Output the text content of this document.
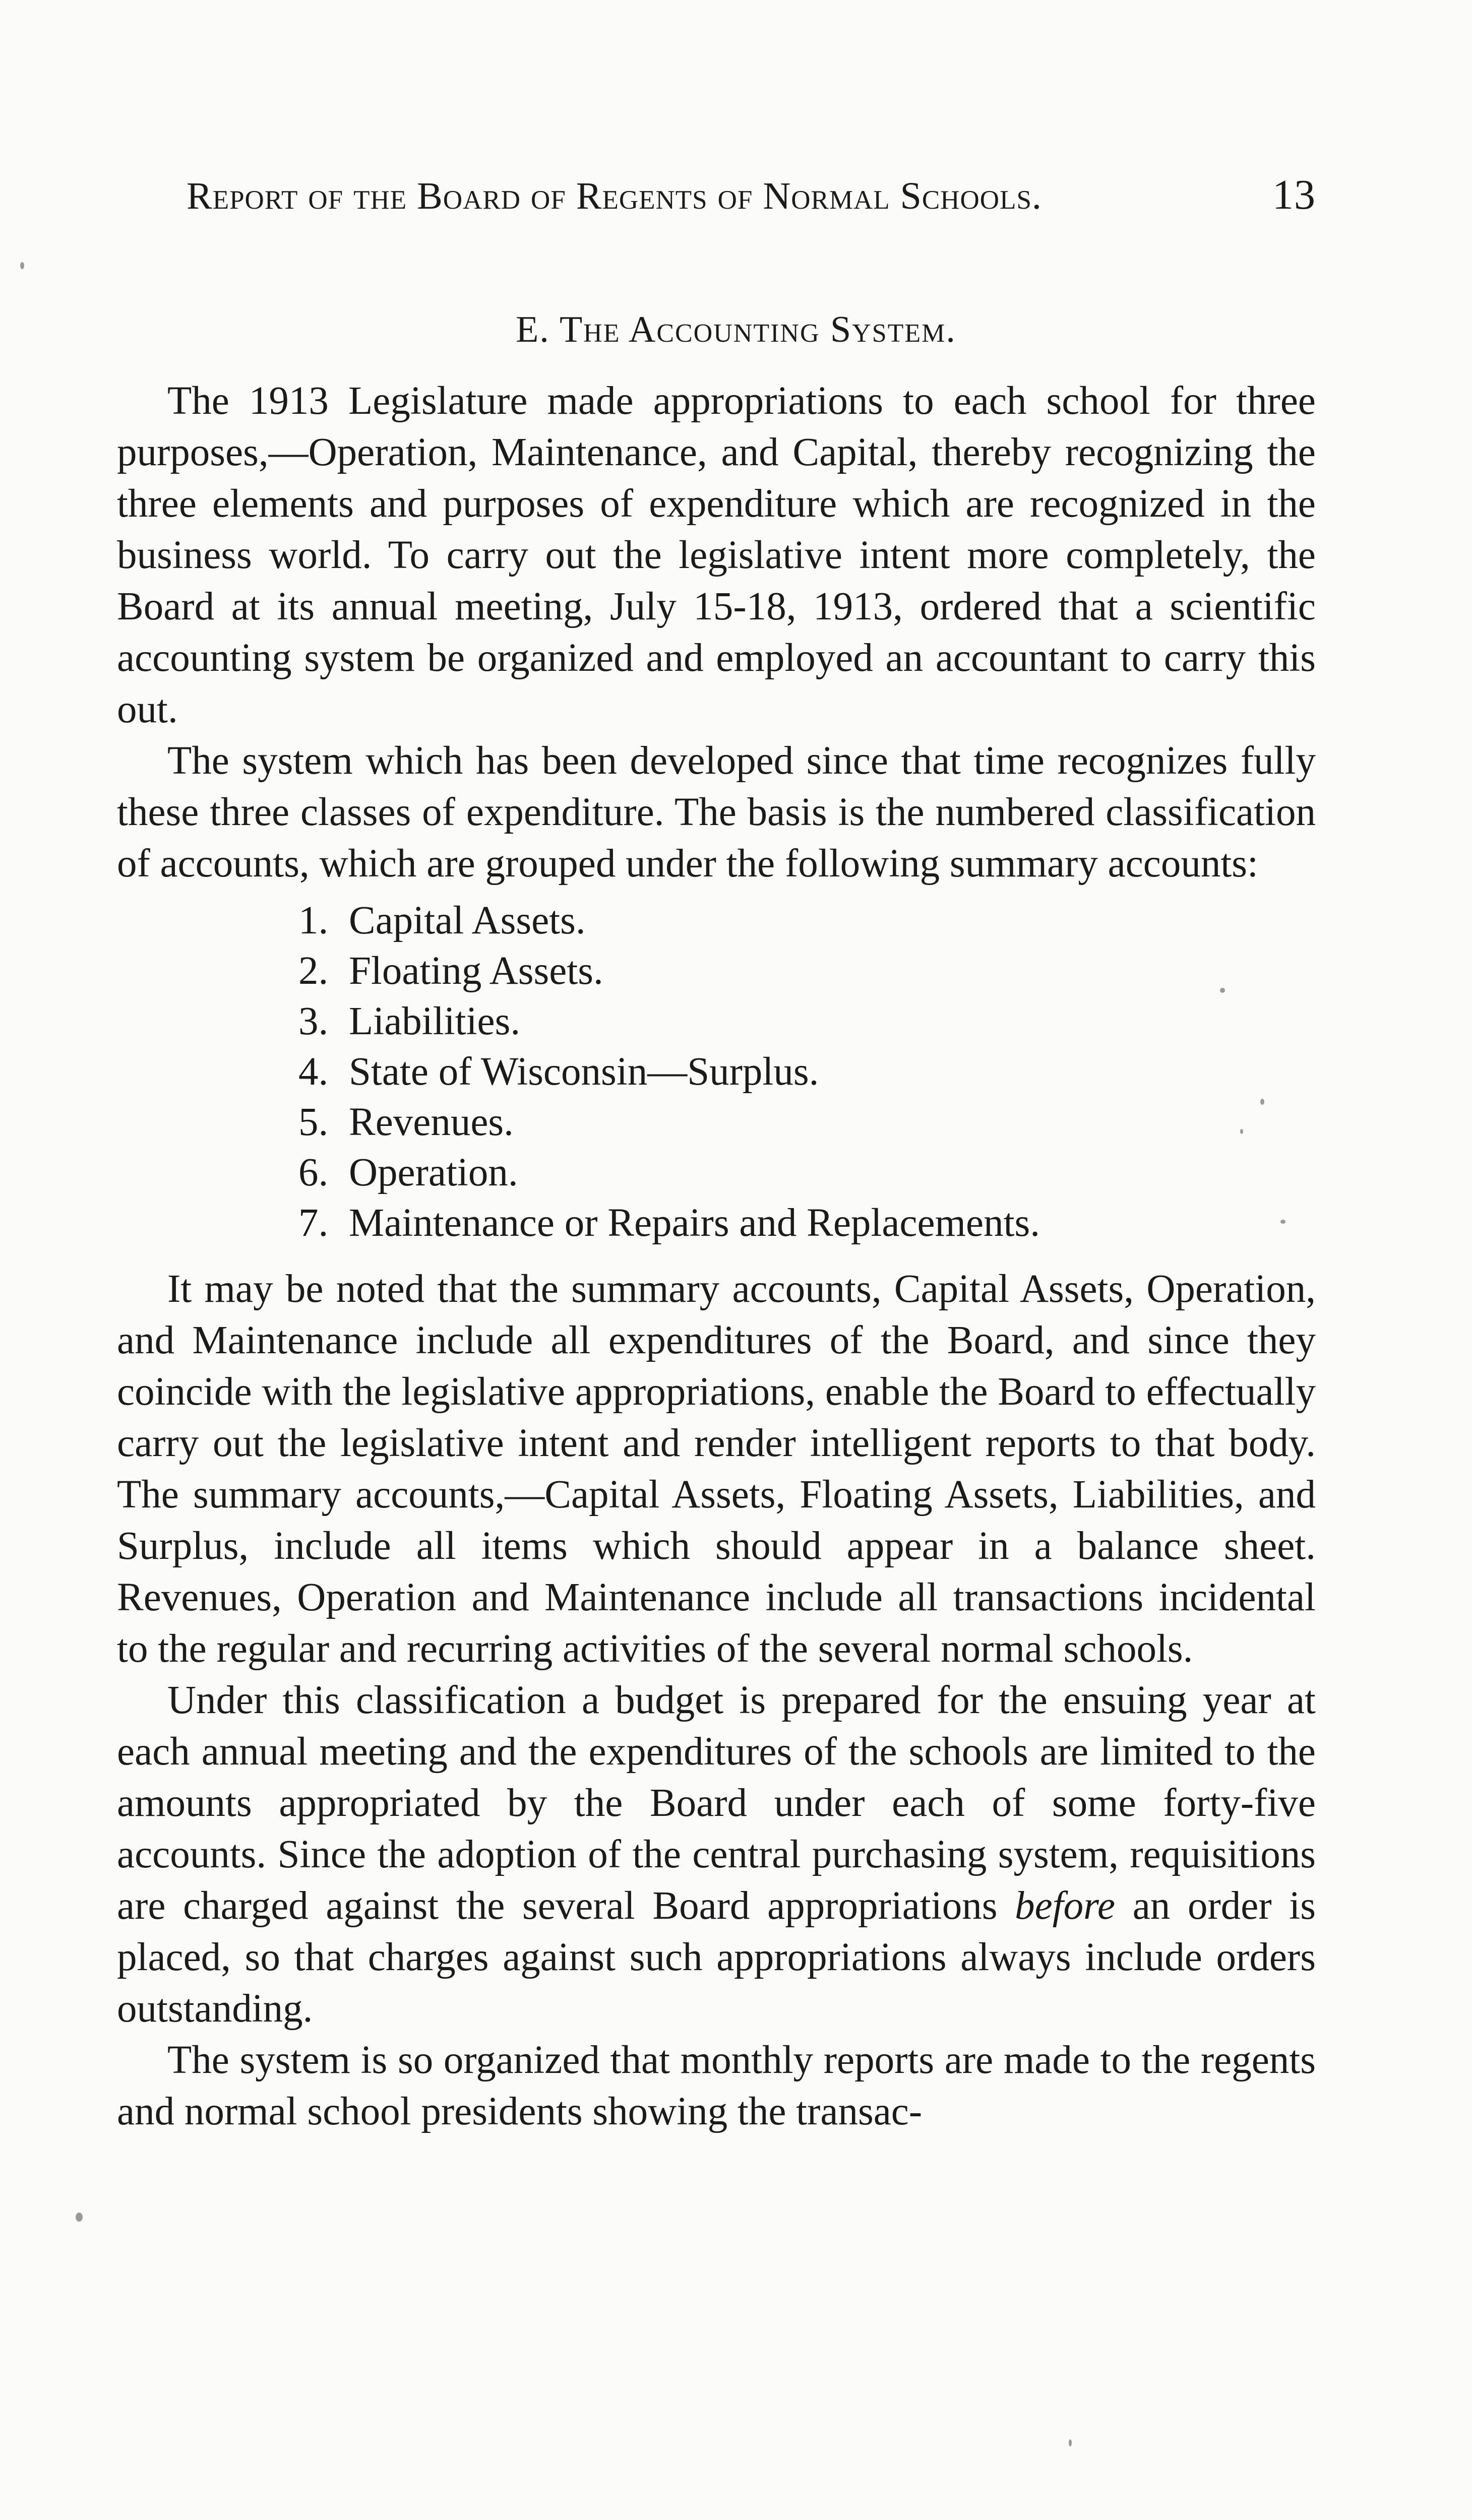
Report of the Board of Regents of Normal Schools.	13
E. The Accounting System.

The 1913 Legislature made appropriations to each school for three purposes,—Operation, Maintenance, and Capital, thereby recognizing the three elements and purposes of expenditure which are recognized in the business world. To carry out the legislative intent more completely, the Board at its annual meeting, July 15-18, 1913, ordered that a scientific accounting system be organized and employed an accountant to carry this out.

The system which has been developed since that time recognizes fully these three classes of expenditure. The basis is the numbered classification of accounts, which are grouped under the following summary accounts:

1. Capital Assets.
2. Floating Assets.
3. Liabilities.
4. State of Wisconsin—Surplus.
5. Revenues.
6. Operation.
7. Maintenance or Repairs and Replacements.

It may be noted that the summary accounts, Capital Assets, Operation, and Maintenance include all expenditures of the Board, and since they coincide with the legislative appropriations, enable the Board to effectually carry out the legislative intent and render intelligent reports to that body. The summary accounts,—Capital Assets, Floating Assets, Liabilities, and Surplus, include all items which should appear in a balance sheet. Revenues, Operation and Maintenance include all transactions incidental to the regular and recurring activities of the several normal schools.

Under this classification a budget is prepared for the ensuing year at each annual meeting and the expenditures of the schools are limited to the amounts appropriated by the Board under each of some forty-five accounts. Since the adoption of the central purchasing system, requisitions are charged against the several Board appropriations before an order is placed, so that charges against such appropriations always include orders outstanding.

The system is so organized that monthly reports are made to the regents and normal school presidents showing the transac-
